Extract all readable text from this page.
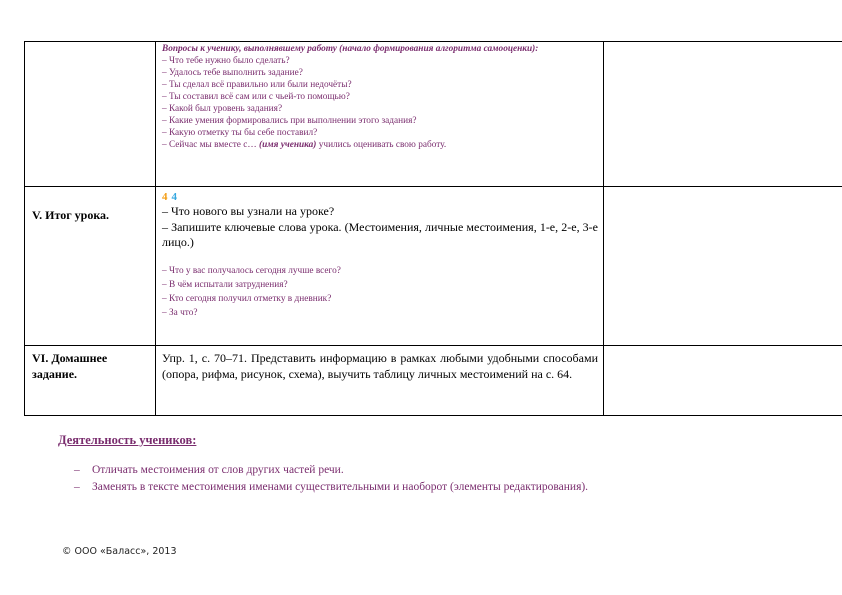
Вопросы к ученику, выполнявшему работу (начало формирования алгоритма самооценки):

– Что тебе нужно было сделать?

– Удалось тебе выполнить задание?

– Ты сделал всё правильно или были недочёты?

– Ты составил всё сам или с чьей-то помощью?

– Какой был уровень задания?

– Какие умения формировались при выполнении этого задания?

– Какую отметку ты бы себе поставил?

– Сейчас мы вместе с… (имя ученика) учились оценивать свою работу.

V. Итог урока.
4 4

– Что нового вы узнали на уроке?

– Запишите ключевые слова урока. (Местоимения, личные местоимения, 1-е, 2-е, 3-е лицо.)

– Что у вас получалось сегодня лучше всего?

– В чём испытали затруднения?

– Кто сегодня получил отметку в дневник?

– За что?

VI. Домашнее задание.
Упр. 1, с. 70–71. Представить информацию в рамках любыми удобными способами (опора, рифма, рисунок, схема), выучить таблицу личных местоимений на с. 64.
Деятельность учеников:
– Отличать местоимения от слов других частей речи.
– Заменять в тексте местоимения именами существительными и наоборот (элементы редактирования).
© ООО «Баласс», 2013
